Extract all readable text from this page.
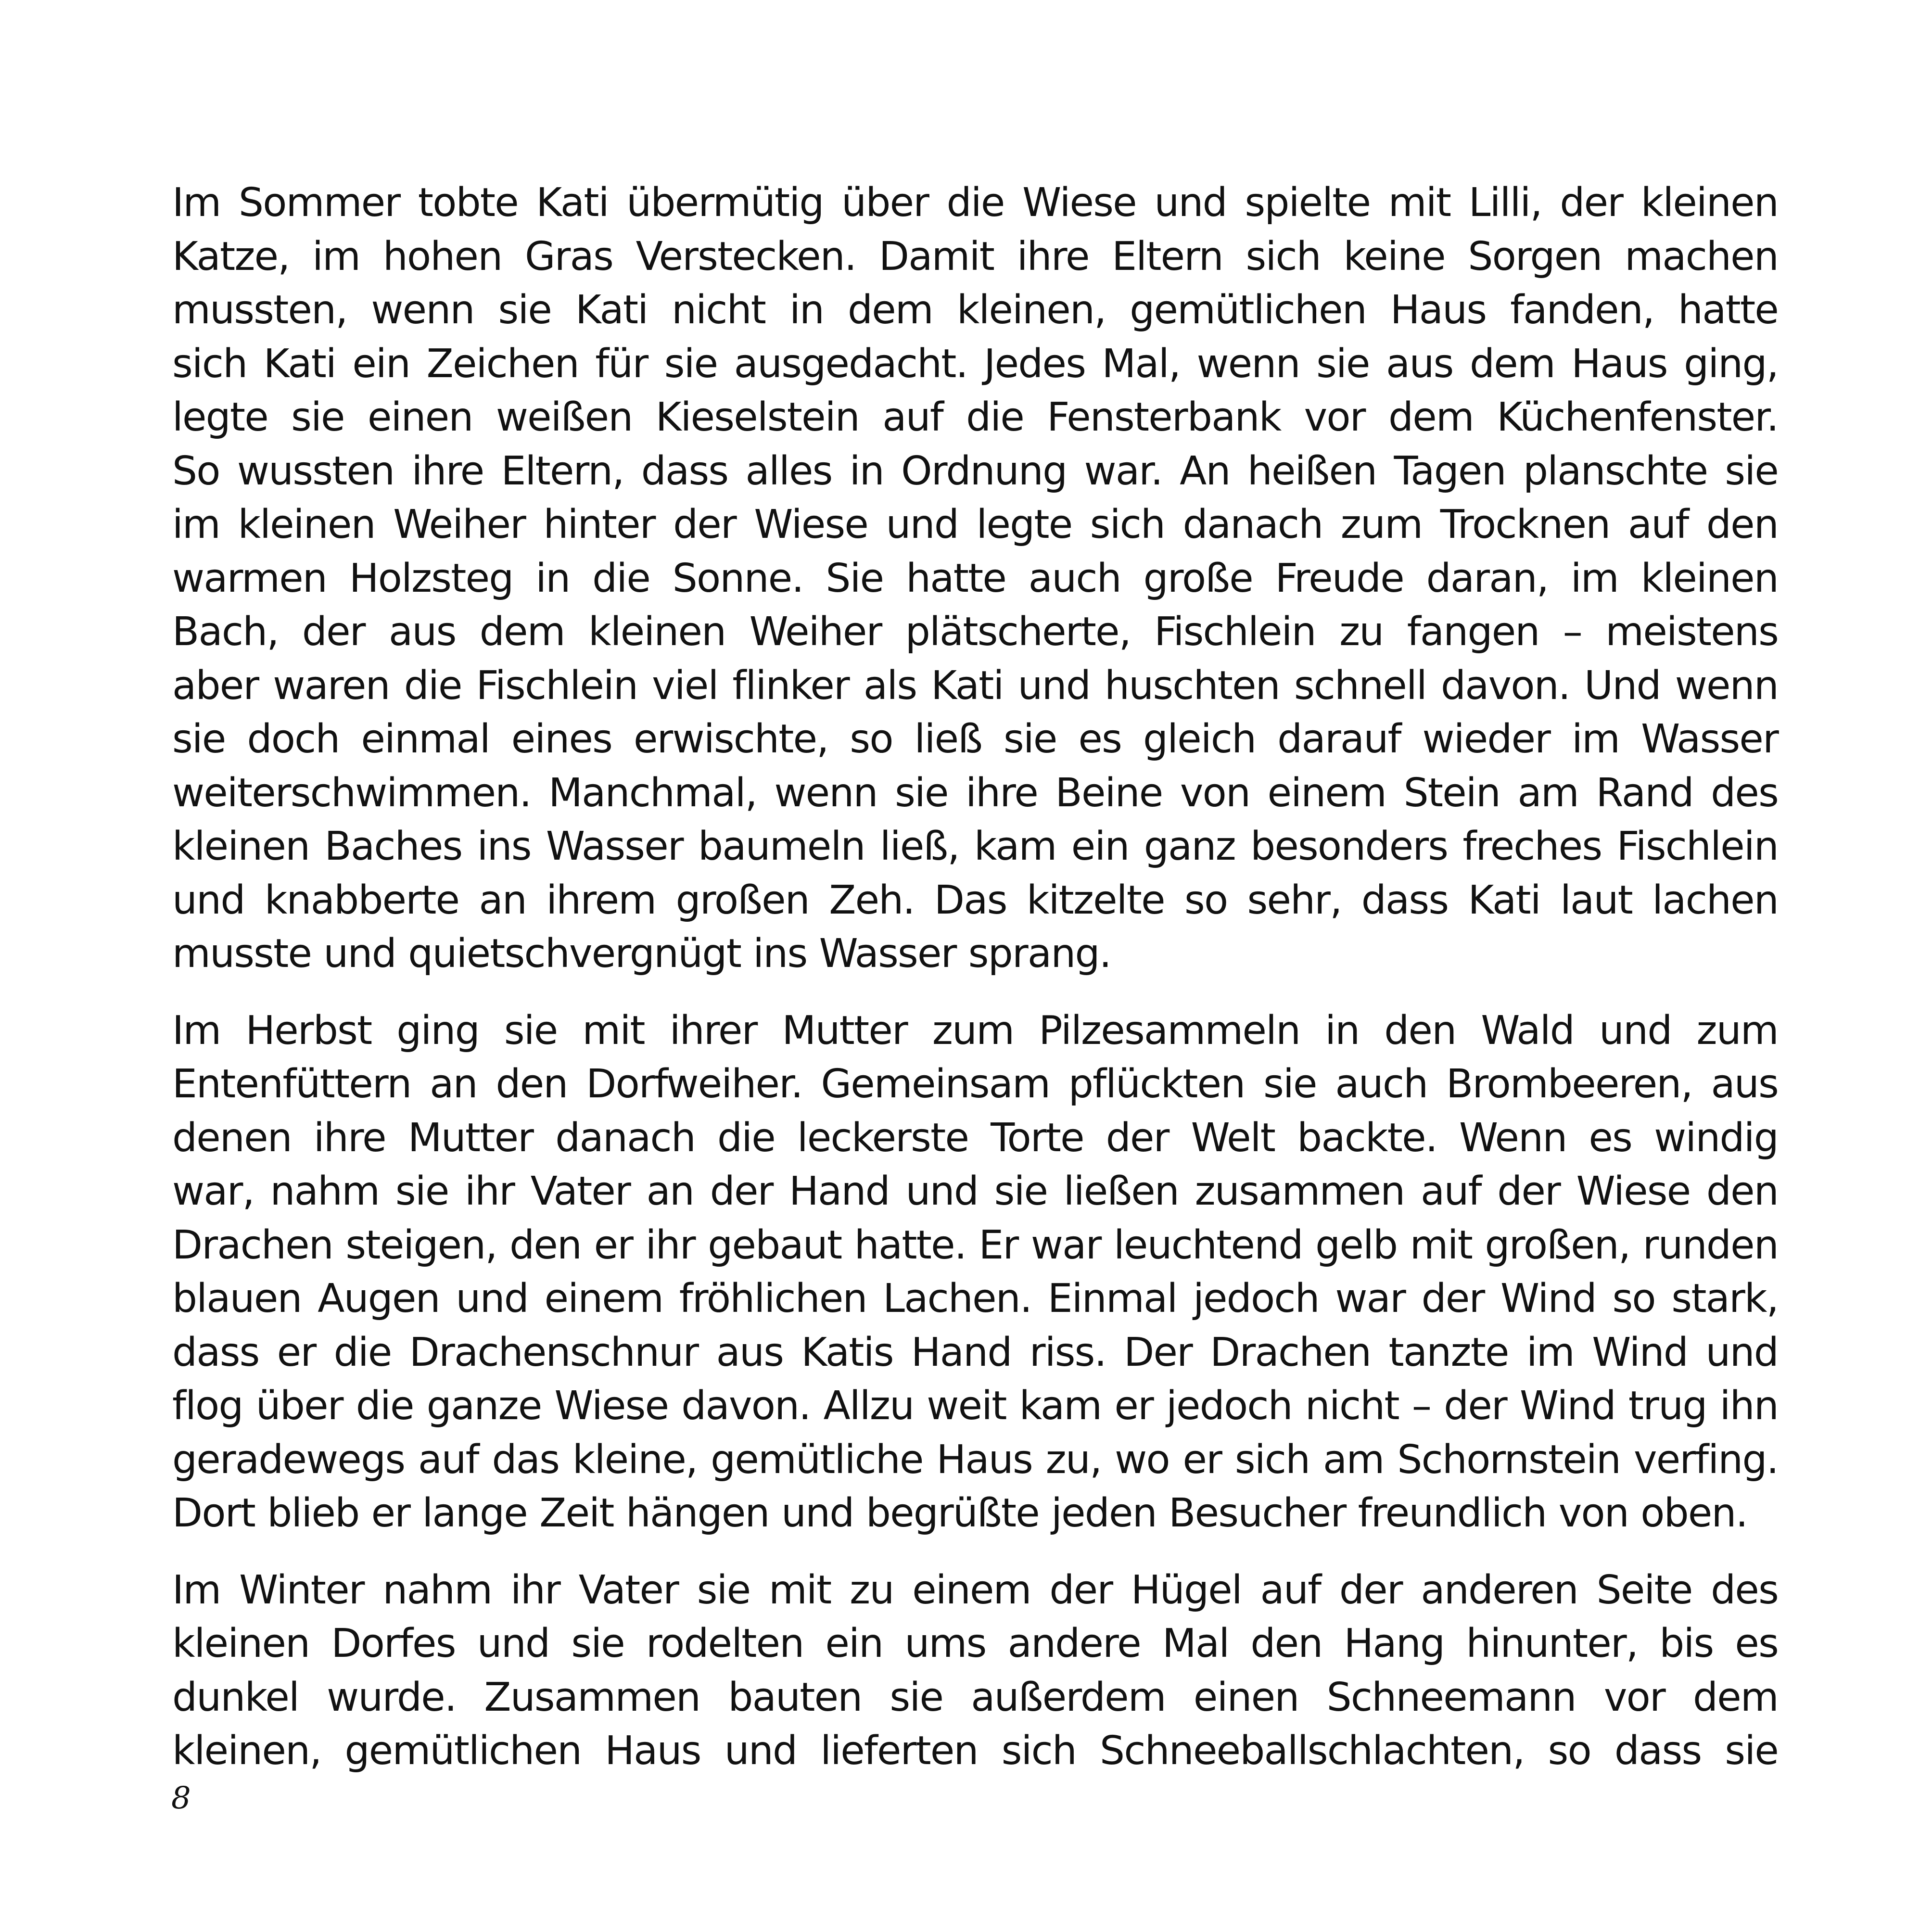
Im Sommer tobte Kati übermütig über die Wiese und spielte mit Lilli, der kleinen
Katze, im hohen Gras Verstecken. Damit ihre Eltern sich keine Sorgen machen
mussten, wenn sie Kati nicht in dem kleinen, gemütlichen Haus fanden, hatte
sich Kati ein Zeichen für sie ausgedacht. Jedes Mal, wenn sie aus dem Haus ging,
legte sie einen weißen Kieselstein auf die Fensterbank vor dem Küchenfenster.
So wussten ihre Eltern, dass alles in Ordnung war. An heißen Tagen planschte sie
im kleinen Weiher hinter der Wiese und legte sich danach zum Trocknen auf den
warmen Holzsteg in die Sonne. Sie hatte auch große Freude daran, im kleinen
Bach, der aus dem kleinen Weiher plätscherte, Fischlein zu fangen – meistens
aber waren die Fischlein viel flinker als Kati und huschten schnell davon. Und wenn
sie doch einmal eines erwischte, so ließ sie es gleich darauf wieder im Wasser
weiterschwimmen. Manchmal, wenn sie ihre Beine von einem Stein am Rand des
kleinen Baches ins Wasser baumeln ließ, kam ein ganz besonders freches Fischlein
und knabberte an ihrem großen Zeh. Das kitzelte so sehr, dass Kati laut lachen
musste und quietschvergnügt ins Wasser sprang.
Im Herbst ging sie mit ihrer Mutter zum Pilzesammeln in den Wald und zum
Entenfüttern an den Dorfweiher. Gemeinsam pflückten sie auch Brombeeren, aus
denen ihre Mutter danach die leckerste Torte der Welt backte. Wenn es windig
war, nahm sie ihr Vater an der Hand und sie ließen zusammen auf der Wiese den
Drachen steigen, den er ihr gebaut hatte. Er war leuchtend gelb mit großen, runden
blauen Augen und einem fröhlichen Lachen. Einmal jedoch war der Wind so stark,
dass er die Drachenschnur aus Katis Hand riss. Der Drachen tanzte im Wind und
flog über die ganze Wiese davon. Allzu weit kam er jedoch nicht – der Wind trug ihn
geradewegs auf das kleine, gemütliche Haus zu, wo er sich am Schornstein verfing.
Dort blieb er lange Zeit hängen und begrüßte jeden Besucher freundlich von oben.
Im Winter nahm ihr Vater sie mit zu einem der Hügel auf der anderen Seite des
kleinen Dorfes und sie rodelten ein ums andere Mal den Hang hinunter, bis es
dunkel wurde. Zusammen bauten sie außerdem einen Schneemann vor dem
kleinen, gemütlichen Haus und lieferten sich Schneeballschlachten, so dass sie
8
